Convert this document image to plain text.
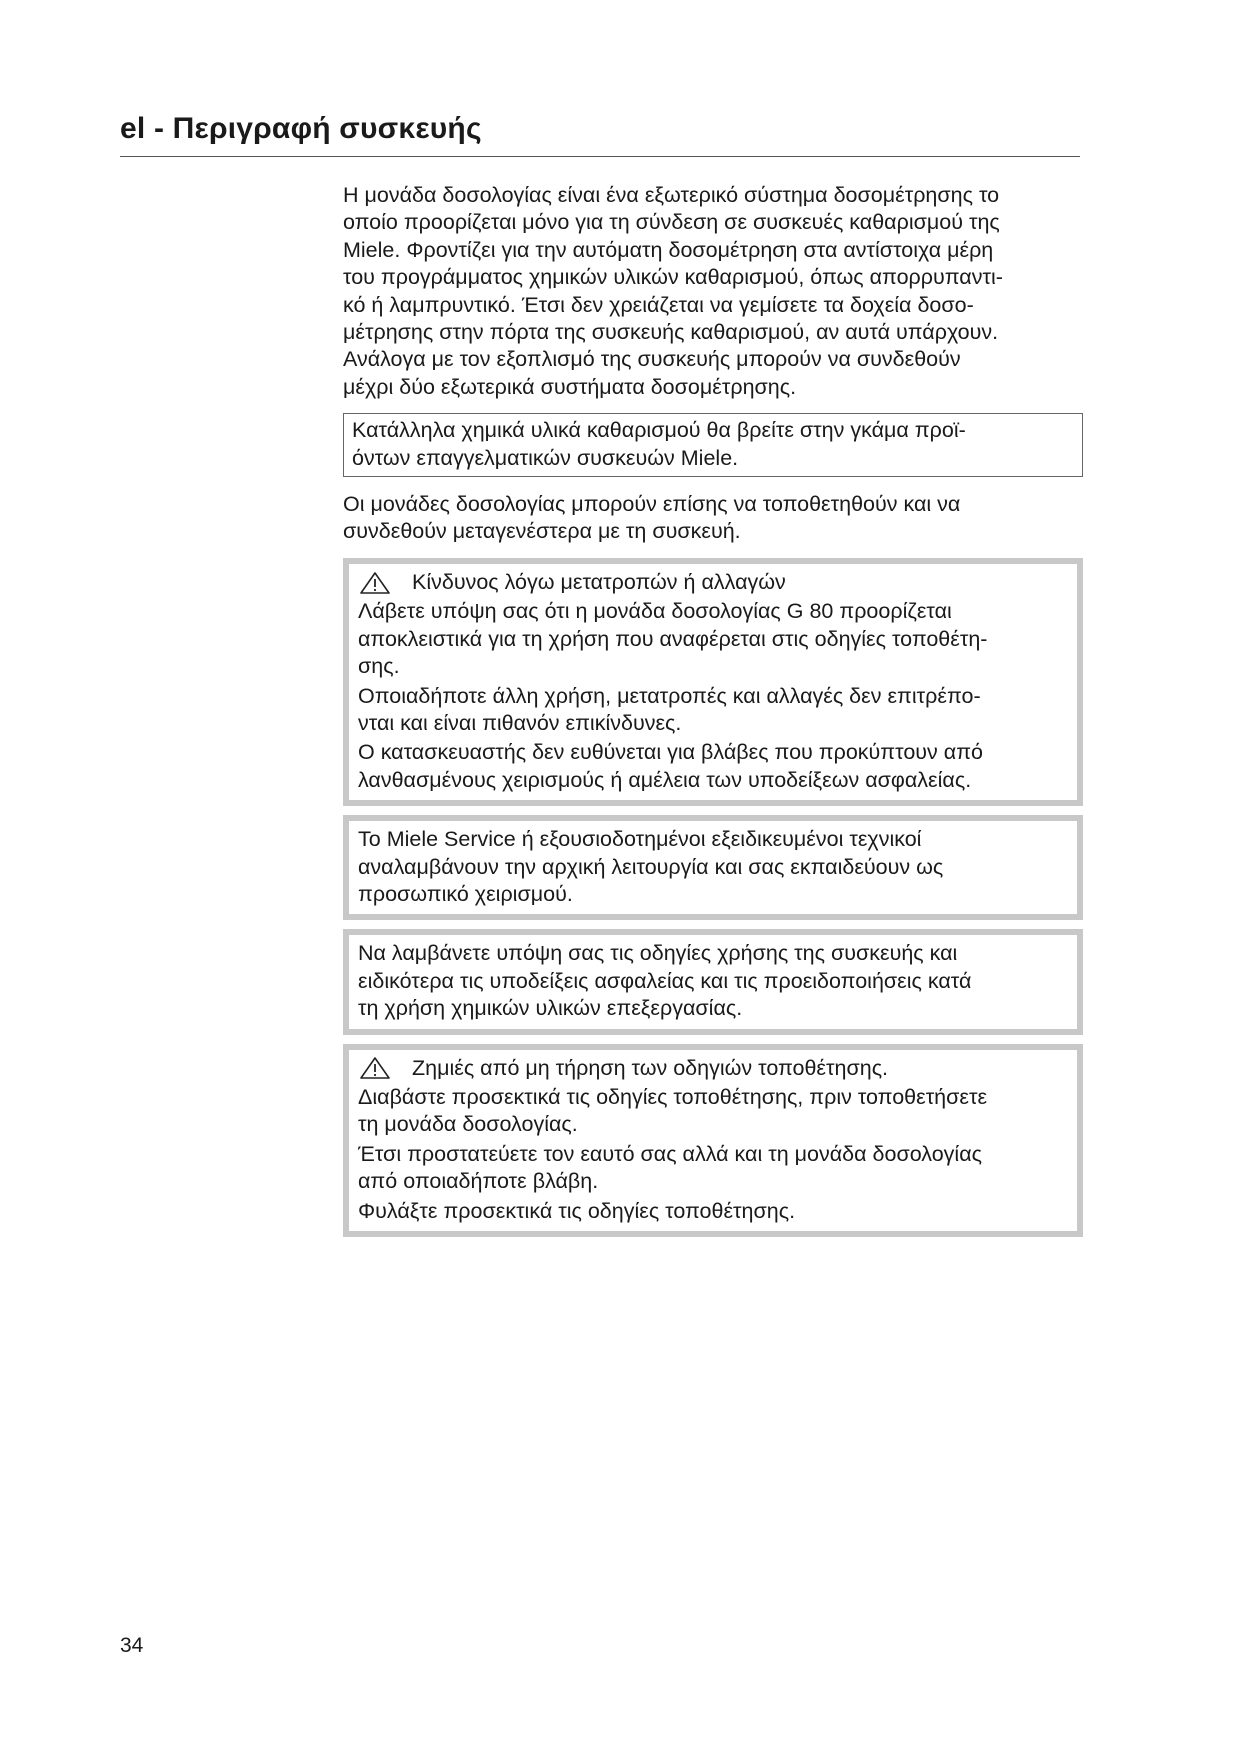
el - Περιγραφή συσκευής

Η μονάδα δοσολογίας είναι ένα εξωτερικό σύστημα δοσομέτρησης το
οποίο προορίζεται μόνο για τη σύνδεση σε συσκευές καθαρισμού της
Miele. Φροντίζει για την αυτόματη δοσομέτρηση στα αντίστοιχα μέρη
του προγράμματος χημικών υλικών καθαρισμού, όπως απορρυπαντι-
κό ή λαμπρυντικό. Έτσι δεν χρειάζεται να γεμίσετε τα δοχεία δοσο-
μέτρησης στην πόρτα της συσκευής καθαρισμού, αν αυτά υπάρχουν.
Ανάλογα με τον εξοπλισμό της συσκευής μπορούν να συνδεθούν
μέχρι δύο εξωτερικά συστήματα δοσομέτρησης.

Κατάλληλα χημικά υλικά καθαρισμού θα βρείτε στην γκάμα προϊ-
όντων επαγγελματικών συσκευών Miele.

Οι μονάδες δοσολογίας μπορούν επίσης να τοποθετηθούν και να
συνδεθούν μεταγενέστερα με τη συσκευή.

Κίνδυνος λόγω μετατροπών ή αλλαγών

Λάβετε υπόψη σας ότι η μονάδα δοσολογίας G 80 προορίζεται
αποκλειστικά για τη χρήση που αναφέρεται στις οδηγίες τοποθέτη-
σης.

Οποιαδήποτε άλλη χρήση, μετατροπές και αλλαγές δεν επιτρέπο-
νται και είναι πιθανόν επικίνδυνες.

Ο κατασκευαστής δεν ευθύνεται για βλάβες που προκύπτουν από
λανθασμένους χειρισμούς ή αμέλεια των υποδείξεων ασφαλείας.

Το Miele Service ή εξουσιοδοτημένοι εξειδικευμένοι τεχνικοί
αναλαμβάνουν την αρχική λειτουργία και σας εκπαιδεύουν ως
προσωπικό χειρισμού.

Να λαμβάνετε υπόψη σας τις οδηγίες χρήσης της συσκευής και
ειδικότερα τις υποδείξεις ασφαλείας και τις προειδοποιήσεις κατά
τη χρήση χημικών υλικών επεξεργασίας.

Ζημιές από μη τήρηση των οδηγιών τοποθέτησης.

Διαβάστε προσεκτικά τις οδηγίες τοποθέτησης, πριν τοποθετήσετε
τη μονάδα δοσολογίας.

Έτσι προστατεύετε τον εαυτό σας αλλά και τη μονάδα δοσολογίας
από οποιαδήποτε βλάβη.

Φυλάξτε προσεκτικά τις οδηγίες τοποθέτησης.

34
